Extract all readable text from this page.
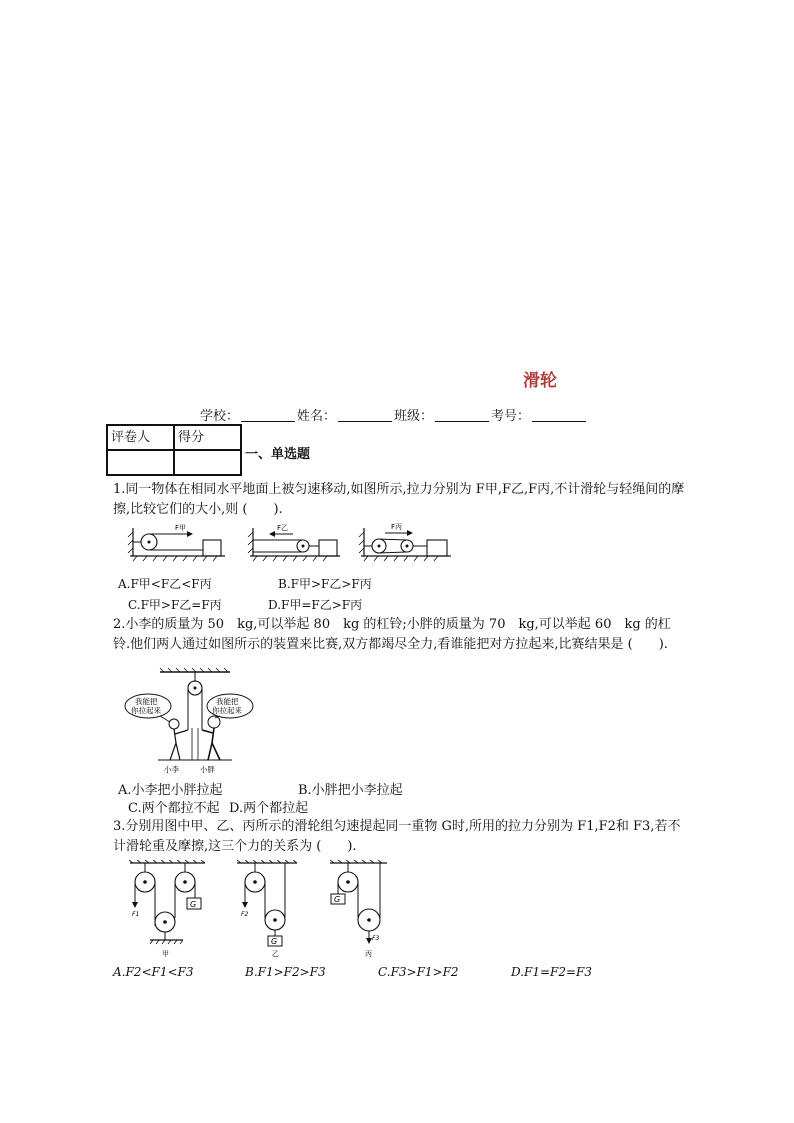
滑轮
学校：	姓名：	班级：	考号：
评卷人	得分

一、单选题
1.同一物体在相同水平地面上被匀速移动,如图所示,拉力分别为 F甲,F乙,F丙,不计滑轮与轻绳间的摩擦,比较它们的大小,则 (　　).
F甲	F乙	F丙
A.F甲<F乙<F丙	B.F甲>F乙>F丙
C.F甲>F乙=F丙	D.F甲=F乙>F丙
2.小李的质量为 50　kg,可以举起 80　kg 的杠铃;小胖的质量为 70　kg,可以举起 60　kg 的杠铃.他们两人通过如图所示的装置来比赛,双方都竭尽全力,看谁能把对方拉起来,比赛结果是 (　　).
我能把
你拉起来
我能把
你拉起来
小李	小胖
A.小李把小胖拉起	B.小胖把小李拉起
C.两个都拉不起 D.两个都拉起
3.分别用图中甲、乙、丙所示的滑轮组匀速提起同一重物 G时,所用的拉力分别为 F1,F2和 F3,若不计滑轮重及摩擦,这三个力的关系为 (　　).
G
F1
甲
G
F2
乙
G
F3
丙
A.F2<F1<F3	B.F1>F2>F3	C.F3>F1>F2	D.F1=F2=F3
